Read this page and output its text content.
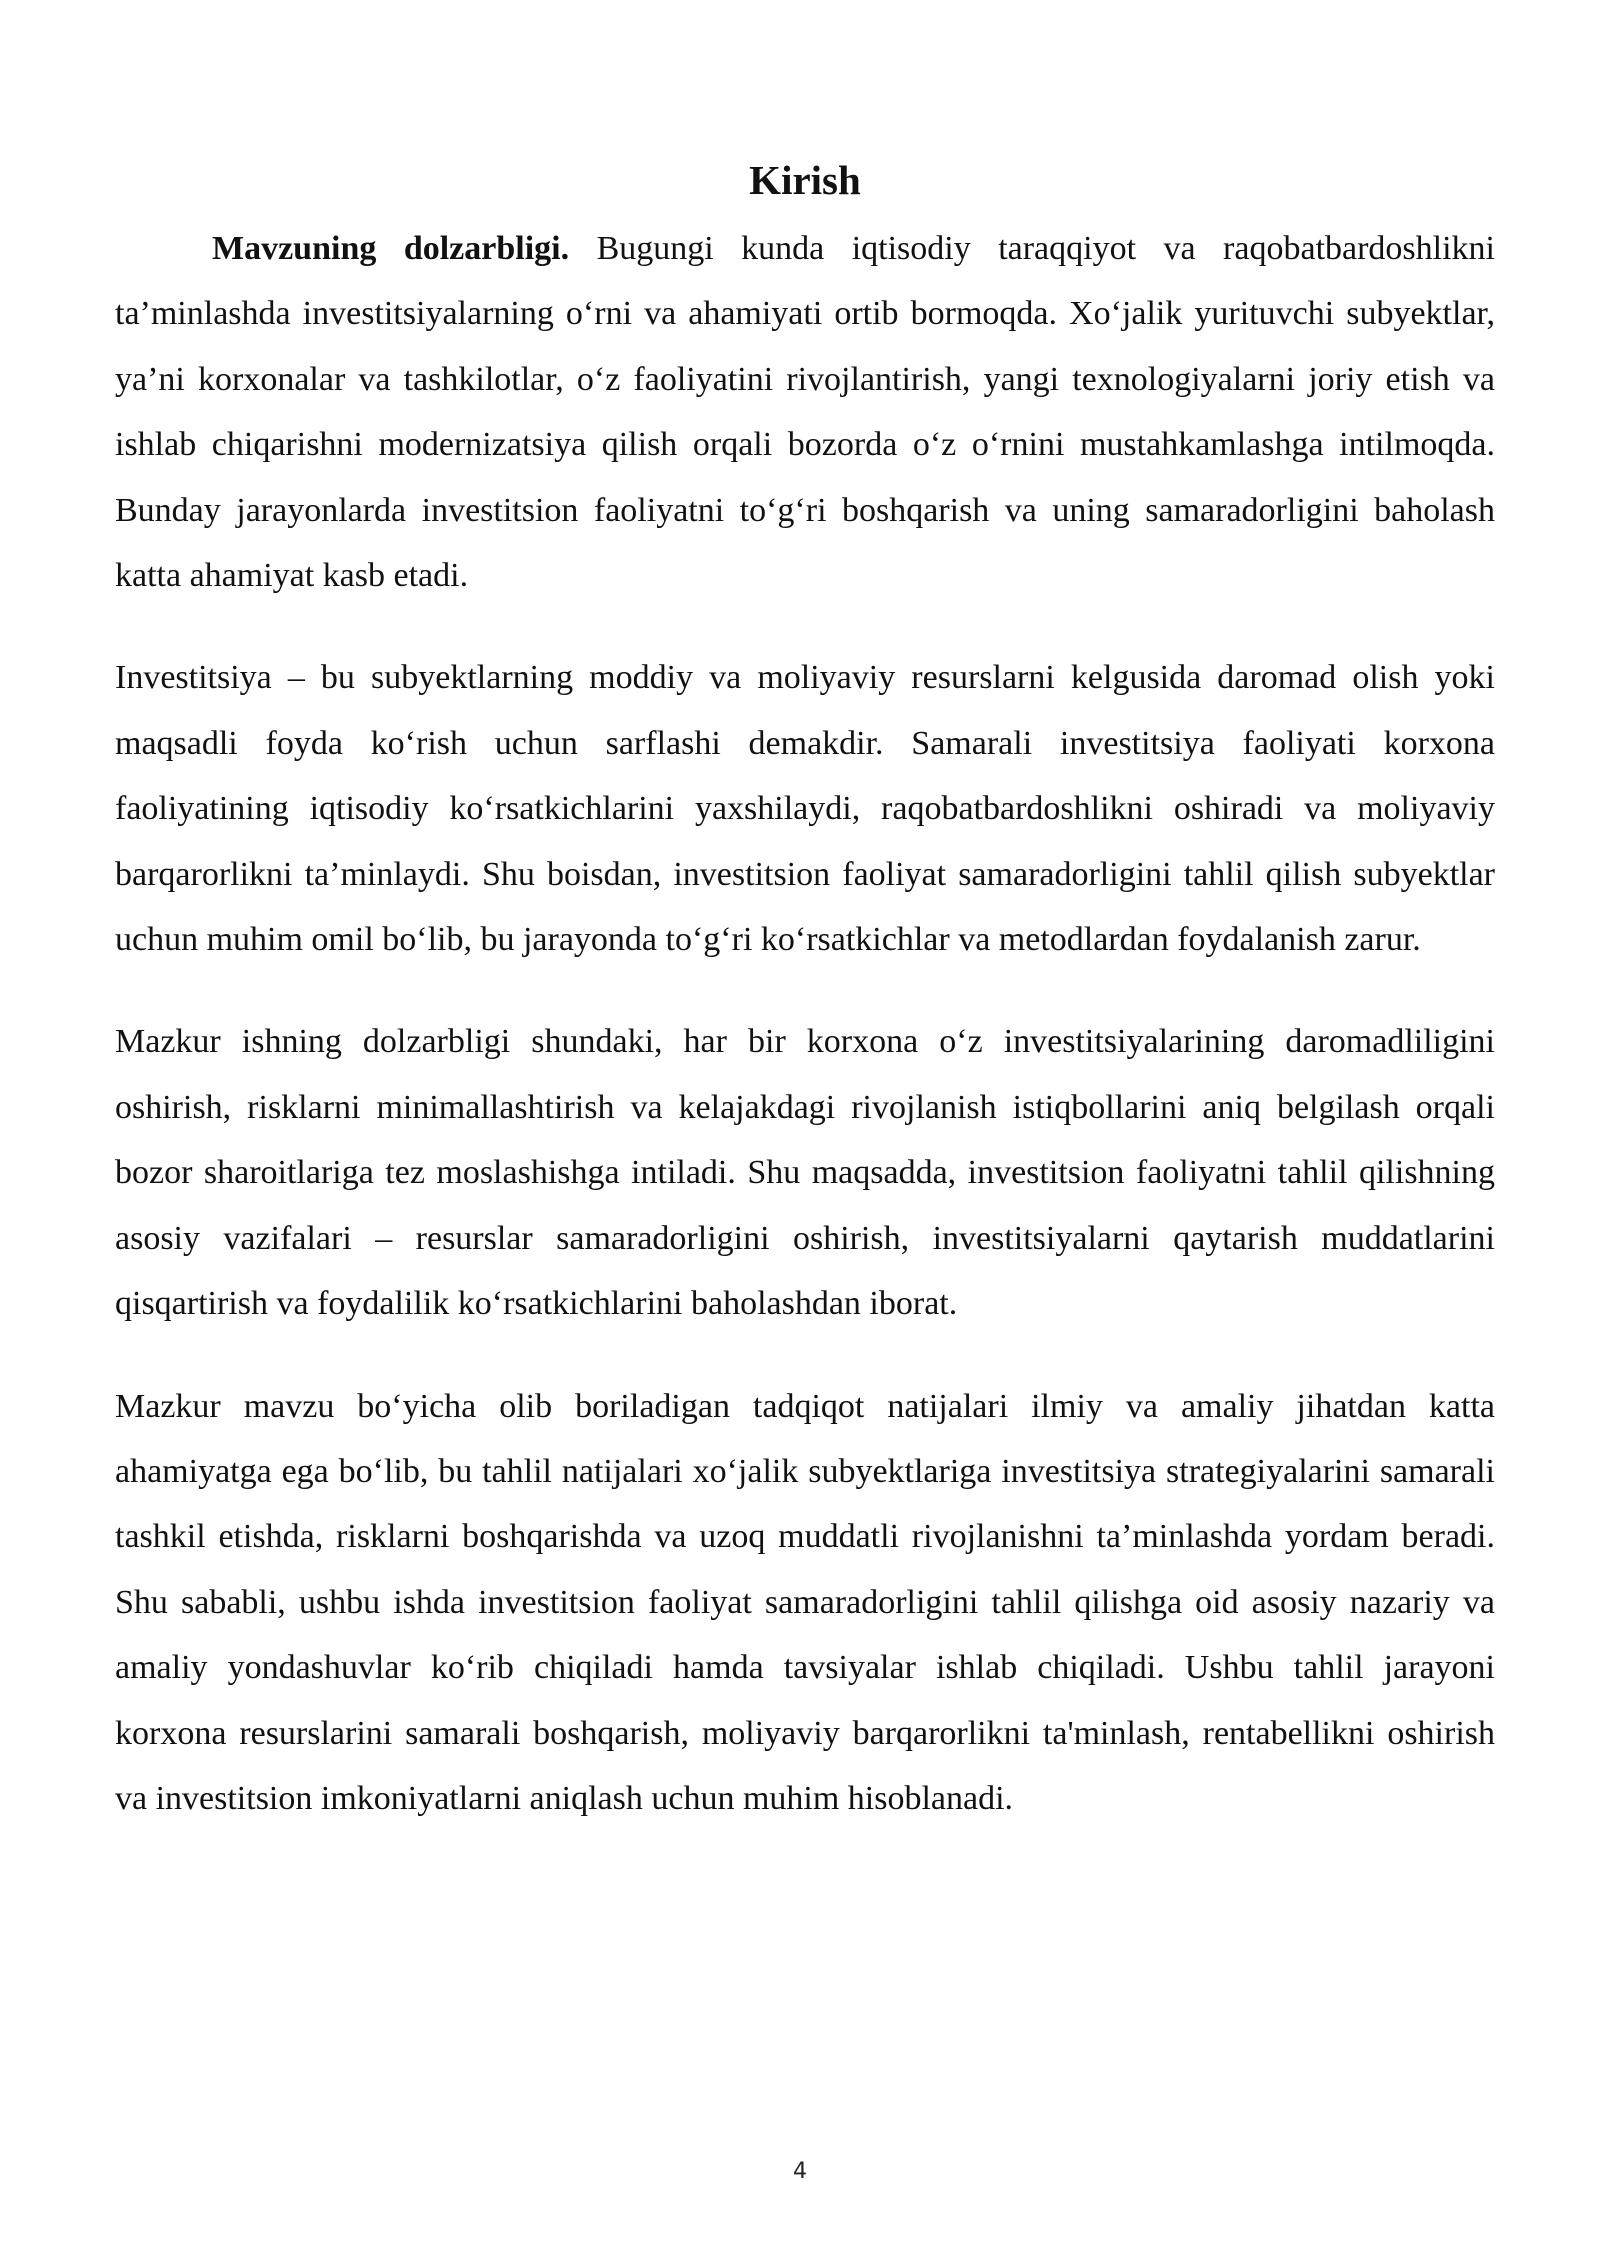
Kirish

Mavzuning dolzarbligi. Bugungi kunda iqtisodiy taraqqiyot va raqobatbardoshlikni ta’minlashda investitsiyalarning o‘rni va ahamiyati ortib bormoqda. Xo‘jalik yurituvchi subyektlar, ya’ni korxonalar va tashkilotlar, o‘z faoliyatini rivojlantirish, yangi texnologiyalarni joriy etish va ishlab chiqarishni modernizatsiya qilish orqali bozorda o‘z o‘rnini mustahkamlashga intilmoqda. Bunday jarayonlarda investitsion faoliyatni to‘g‘ri boshqarish va uning samaradorligini baholash katta ahamiyat kasb etadi.

Investitsiya – bu subyektlarning moddiy va moliyaviy resurslarni kelgusida daromad olish yoki maqsadli foyda ko‘rish uchun sarflashi demakdir. Samarali investitsiya faoliyati korxona faoliyatining iqtisodiy ko‘rsatkichlarini yaxshilaydi, raqobatbardoshlikni oshiradi va moliyaviy barqarorlikni ta’minlaydi. Shu boisdan, investitsion faoliyat samaradorligini tahlil qilish subyektlar uchun muhim omil bo‘lib, bu jarayonda to‘g‘ri ko‘rsatkichlar va metodlardan foydalanish zarur.

Mazkur ishning dolzarbligi shundaki, har bir korxona o‘z investitsiyalarining daromadliligini oshirish, risklarni minimallashtirish va kelajakdagi rivojlanish istiqbollarini aniq belgilash orqali bozor sharoitlariga tez moslashishga intiladi. Shu maqsadda, investitsion faoliyatni tahlil qilishning asosiy vazifalari – resurslar samaradorligini oshirish, investitsiyalarni qaytarish muddatlarini qisqartirish va foydalilik ko‘rsatkichlarini baholashdan iborat.

Mazkur mavzu bo‘yicha olib boriladigan tadqiqot natijalari ilmiy va amaliy jihatdan katta ahamiyatga ega bo‘lib, bu tahlil natijalari xo‘jalik subyektlariga investitsiya strategiyalarini samarali tashkil etishda, risklarni boshqarishda va uzoq muddatli rivojlanishni ta’minlashda yordam beradi. Shu sababli, ushbu ishda investitsion faoliyat samaradorligini tahlil qilishga oid asosiy nazariy va amaliy yondashuvlar ko‘rib chiqiladi hamda tavsiyalar ishlab chiqiladi. Ushbu tahlil jarayoni korxona resurslarini samarali boshqarish, moliyaviy barqarorlikni ta'minlash, rentabellikni oshirish va investitsion imkoniyatlarni aniqlash uchun muhim hisoblanadi.

4
